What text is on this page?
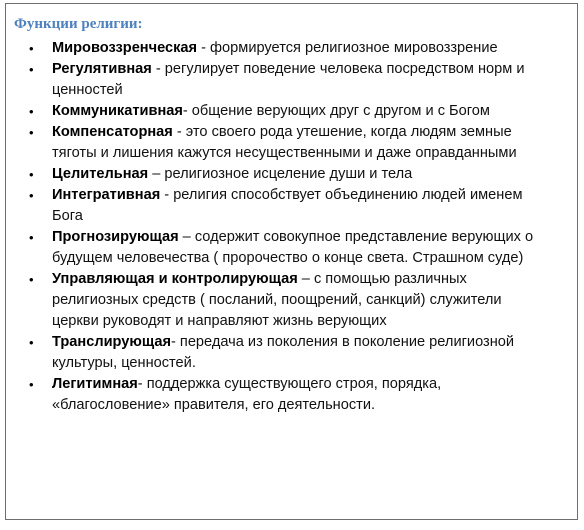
Функции религии:
• Мировоззренческая - формируется религиозное мировоззрение
• Регулятивная - регулирует поведение человека посредством норм и ценностей
• Коммуникативная- общение верующих друг с другом и с Богом
• Компенсаторная - это своего рода утешение, когда людям земные тяготы и лишения кажутся несущественными и даже оправданными
• Целительная – религиозное исцеление души и тела
• Интегративная - религия способствует объединению людей именем Бога
• Прогнозирующая – содержит совокупное представление верующих о будущем человечества ( пророчество о конце света. Страшном суде)
• Управляющая и контролирующая – с помощью различных религиозных средств ( посланий, поощрений, санкций) служители церкви руководят и направляют жизнь верующих
• Транслирующая- передача из поколения в поколение религиозной культуры, ценностей.
• Легитимная- поддержка существующего строя, порядка, «благословение» правителя, его деятельности.
